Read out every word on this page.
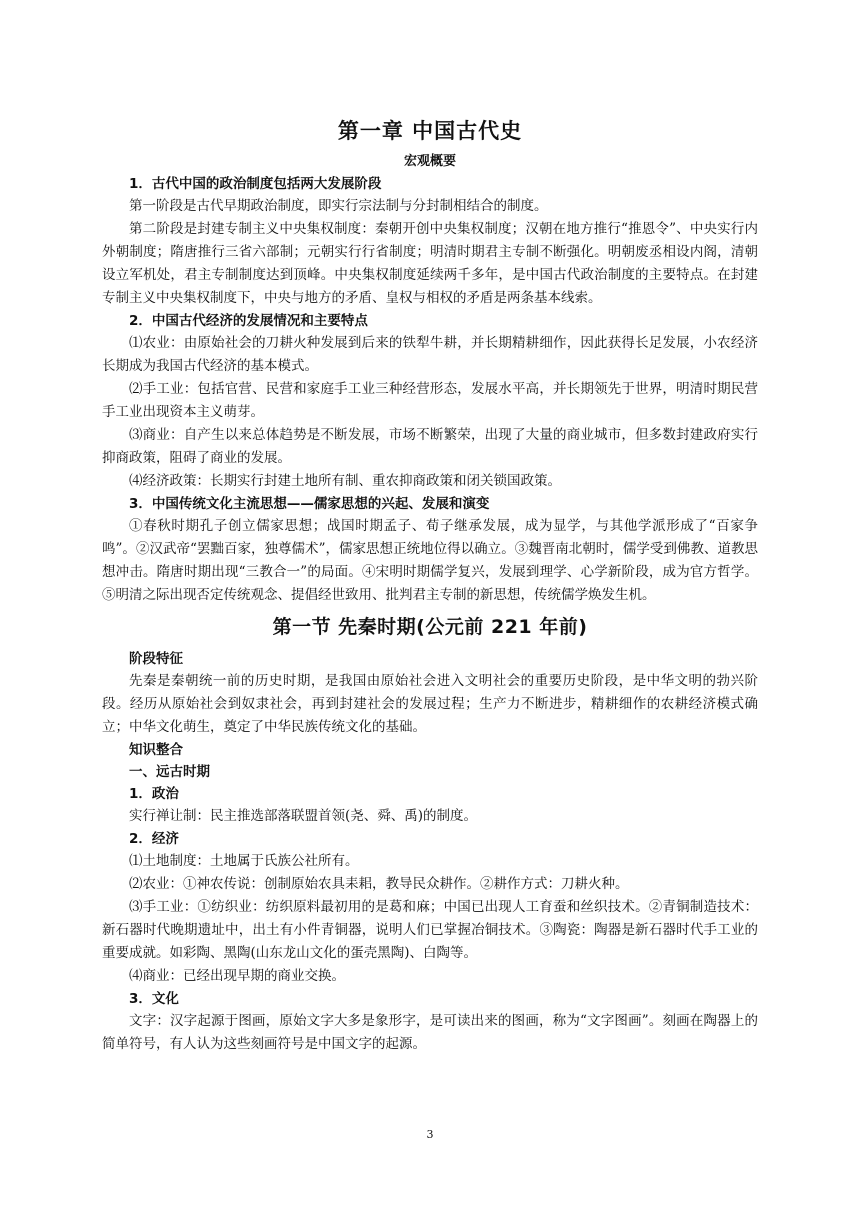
第一章 中国古代史
宏观概要
1．古代中国的政治制度包括两大发展阶段

第一阶段是古代早期政治制度，即实行宗法制与分封制相结合的制度。

第二阶段是封建专制主义中央集权制度：秦朝开创中央集权制度；汉朝在地方推行“推恩令”、中央实行内外朝制度；隋唐推行三省六部制；元朝实行行省制度；明清时期君主专制不断强化。明朝废丞相设内阁，清朝设立军机处，君主专制制度达到顶峰。中央集权制度延续两千多年，是中国古代政治制度的主要特点。在封建专制主义中央集权制度下，中央与地方的矛盾、皇权与相权的矛盾是两条基本线索。

2．中国古代经济的发展情况和主要特点

⑴农业：由原始社会的刀耕火种发展到后来的铁犁牛耕，并长期精耕细作，因此获得长足发展，小农经济长期成为我国古代经济的基本模式。

⑵手工业：包括官营、民营和家庭手工业三种经营形态，发展水平高，并长期领先于世界，明清时期民营手工业出现资本主义萌芽。

⑶商业：自产生以来总体趋势是不断发展，市场不断繁荣，出现了大量的商业城市，但多数封建政府实行抑商政策，阻碍了商业的发展。

⑷经济政策：长期实行封建土地所有制、重农抑商政策和闭关锁国政策。

3．中国传统文化主流思想——儒家思想的兴起、发展和演变

①春秋时期孔子创立儒家思想；战国时期孟子、荀子继承发展，成为显学，与其他学派形成了“百家争鸣”。②汉武帝“罢黜百家，独尊儒术”，儒家思想正统地位得以确立。③魏晋南北朝时，儒学受到佛教、道教思想冲击。隋唐时期出现“三教合一”的局面。④宋明时期儒学复兴，发展到理学、心学新阶段，成为官方哲学。⑤明清之际出现否定传统观念、提倡经世致用、批判君主专制的新思想，传统儒学焕发生机。

第一节 先秦时期(公元前 221 年前)
阶段特征

先秦是秦朝统一前的历史时期，是我国由原始社会进入文明社会的重要历史阶段，是中华文明的勃兴阶段。经历从原始社会到奴隶社会，再到封建社会的发展过程；生产力不断进步，精耕细作的农耕经济模式确立；中华文化萌生，奠定了中华民族传统文化的基础。

知识整合
一、远古时期
1．政治

实行禅让制：民主推选部落联盟首领(尧、舜、禹)的制度。

2．经济

⑴土地制度：土地属于氏族公社所有。

⑵农业：①神农传说：创制原始农具耒耜，教导民众耕作。②耕作方式：刀耕火种。

⑶手工业：①纺织业：纺织原料最初用的是葛和麻；中国已出现人工育蚕和丝织技术。②青铜制造技术：新石器时代晚期遗址中，出土有小件青铜器，说明人们已掌握冶铜技术。③陶瓷：陶器是新石器时代手工业的重要成就。如彩陶、黑陶(山东龙山文化的蛋壳黑陶)、白陶等。

⑷商业：已经出现早期的商业交换。

3．文化

文字：汉字起源于图画，原始文字大多是象形字，是可读出来的图画，称为“文字图画”。刻画在陶器上的简单符号，有人认为这些刻画符号是中国文字的起源。

3
